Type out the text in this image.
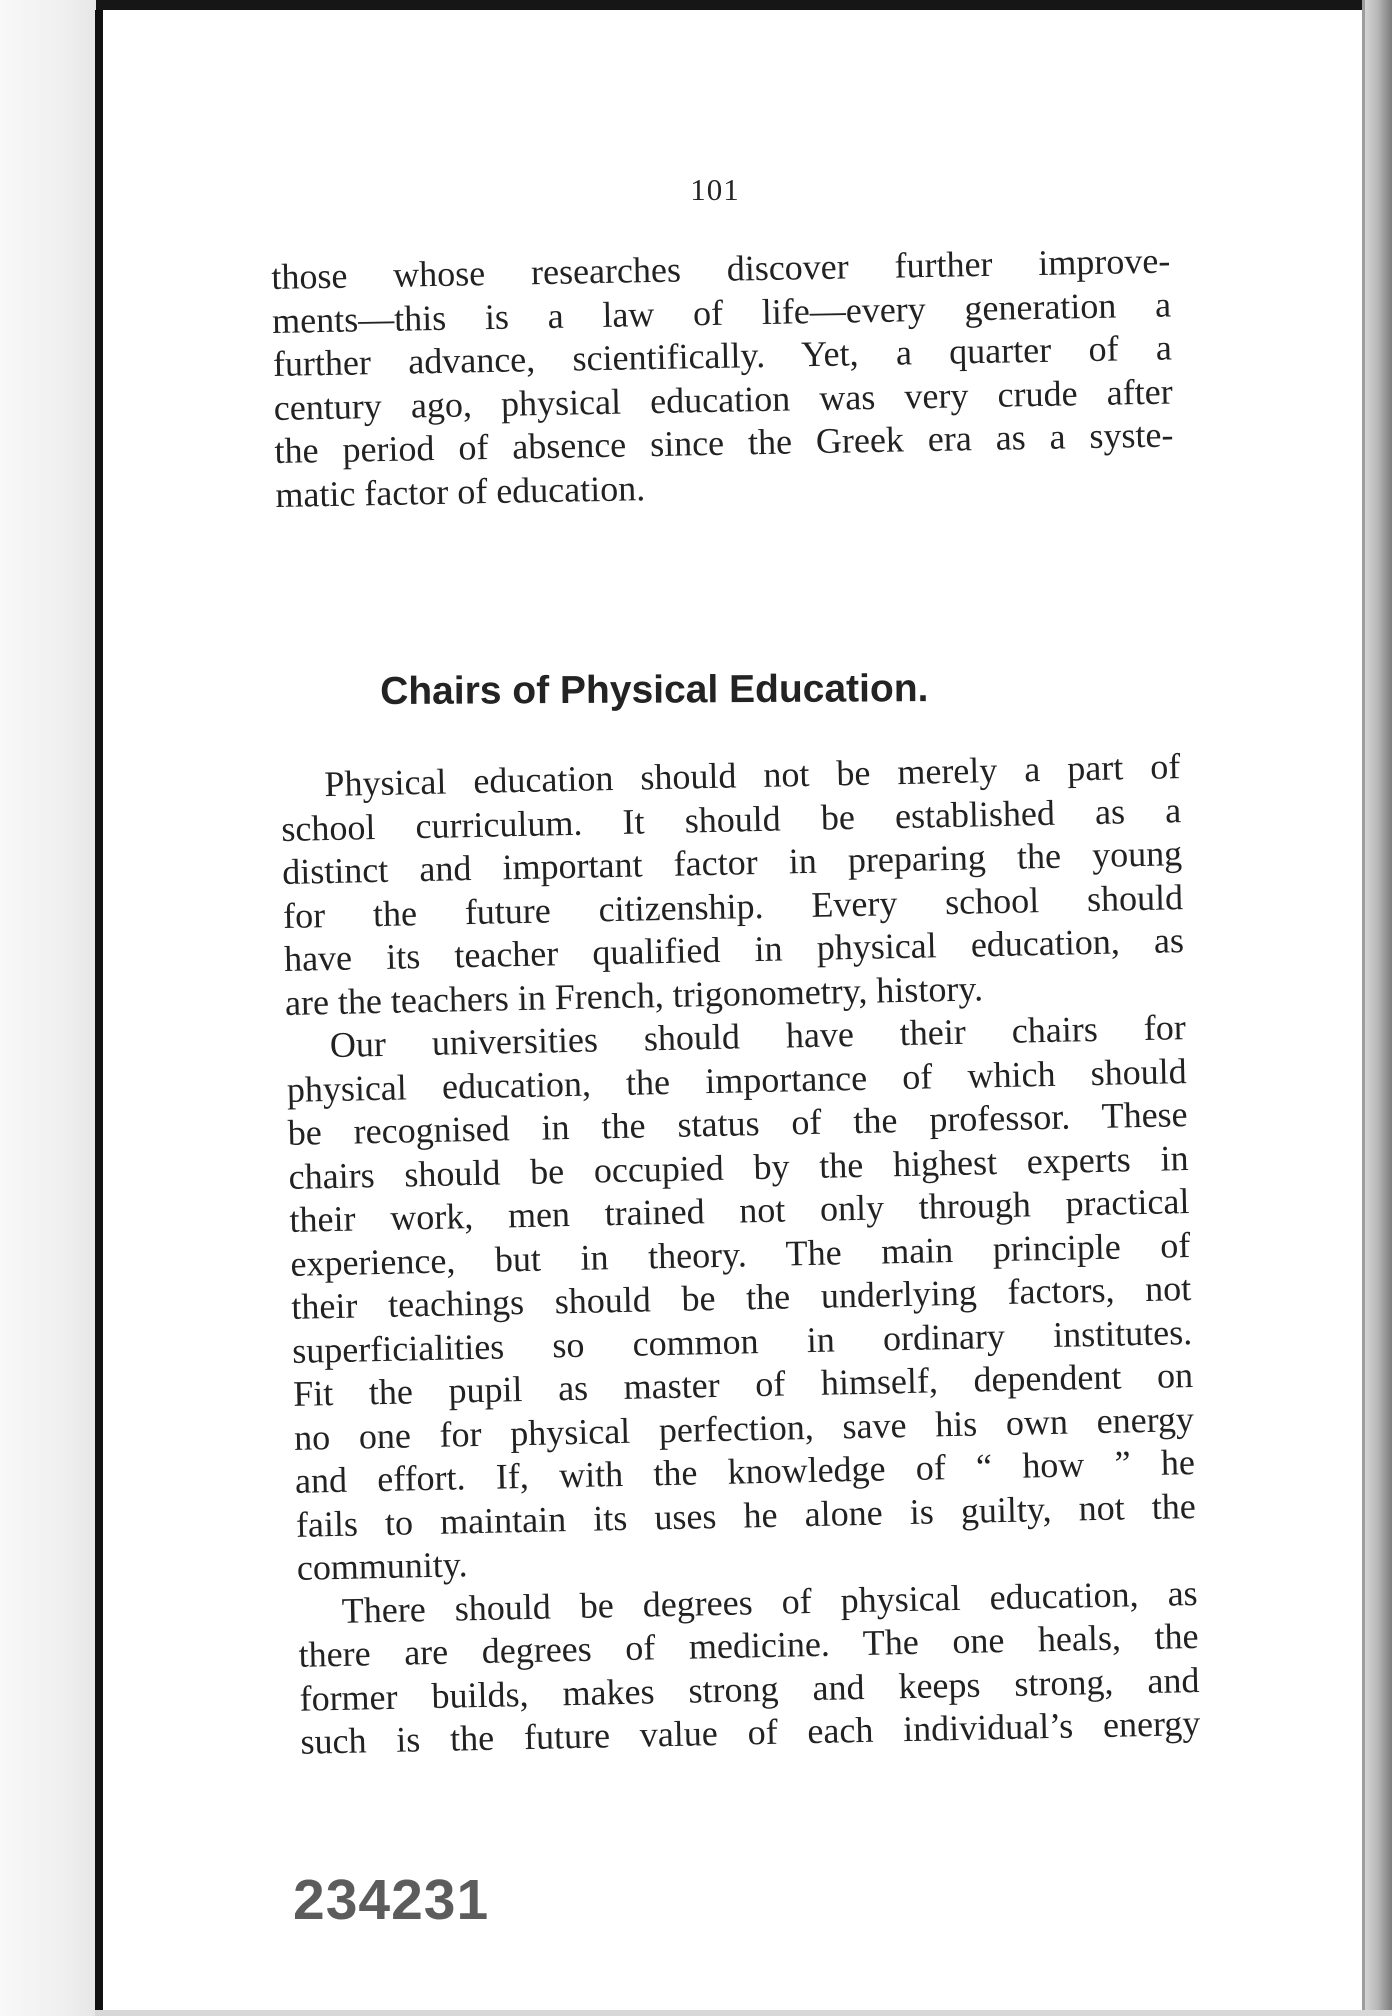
101
those whose researches discover further improve-
ments—this is a law of life—every generation a
further advance, scientifically. Yet, a quarter of a
century ago, physical education was very crude after
the period of absence since the Greek era as a syste-
matic factor of education.
Chairs of Physical Education.
Physical education should not be merely a part of
school curriculum. It should be established as a
distinct and important factor in preparing the young
for the future citizenship. Every school should
have its teacher qualified in physical education, as
are the teachers in French, trigonometry, history.
Our universities should have their chairs for
physical education, the importance of which should
be recognised in the status of the professor. These
chairs should be occupied by the highest experts in
their work, men trained not only through practical
experience, but in theory. The main principle of
their teachings should be the underlying factors, not
superficialities so common in ordinary institutes.
Fit the pupil as master of himself, dependent on
no one for physical perfection, save his own energy
and effort. If, with the knowledge of “ how ” he
fails to maintain its uses he alone is guilty, not the
community.
There should be degrees of physical education, as
there are degrees of medicine. The one heals, the
former builds, makes strong and keeps strong, and
such is the future value of each individual’s energy
234231
